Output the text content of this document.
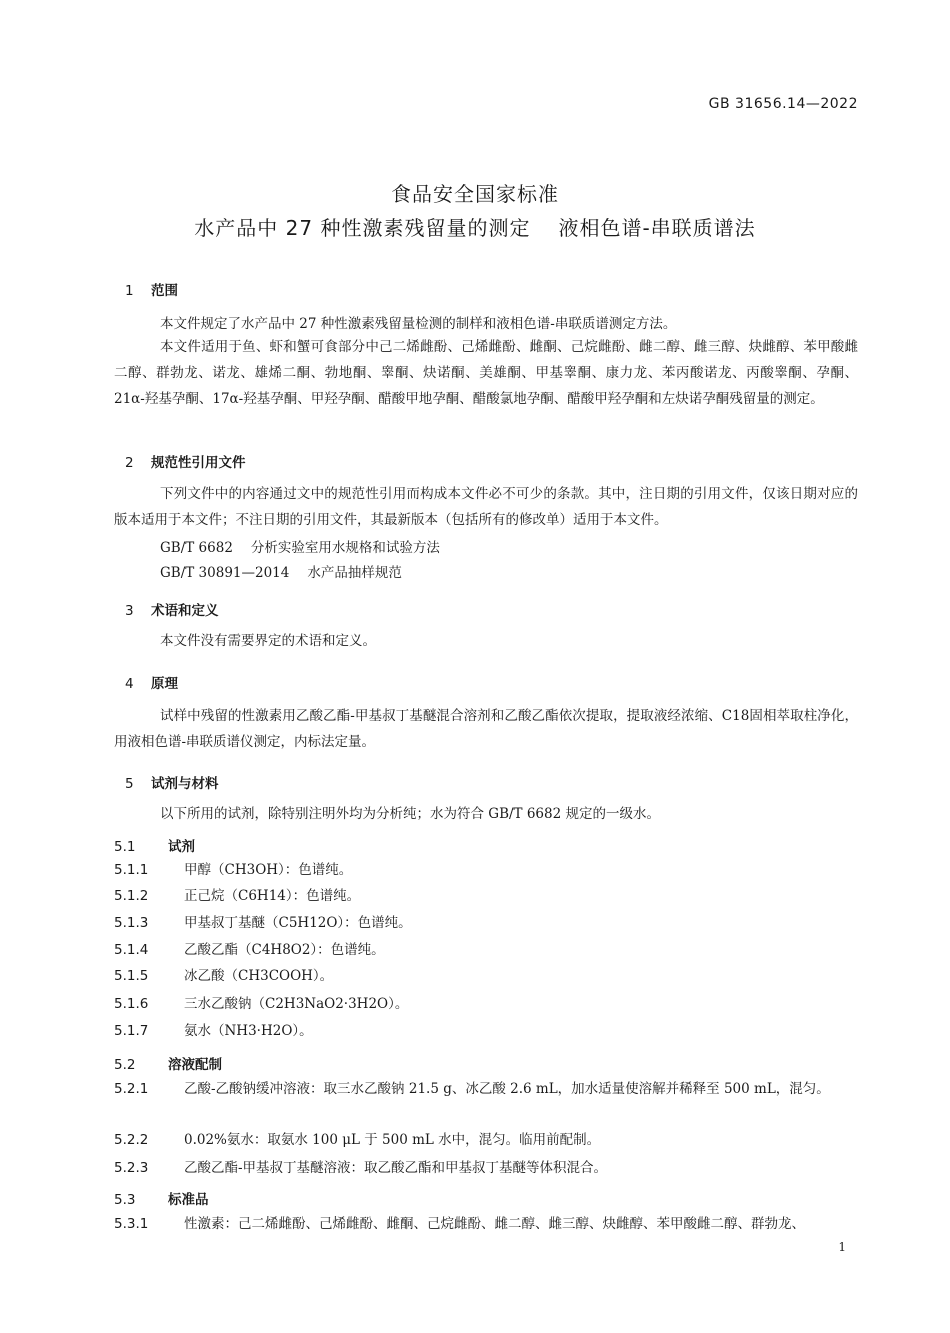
GB 31656.14—2022
食品安全国家标准
水产品中 27 种性激素残留量的测定 液相色谱-串联质谱法
1 范围
本文件规定了水产品中 27 种性激素残留量检测的制样和液相色谱-串联质谱测定方法。
本文件适用于鱼、虾和蟹可食部分中己二烯雌酚、己烯雌酚、雌酮、己烷雌酚、雌二醇、雌三醇、炔雌醇、苯甲酸雌二醇、群勃龙、诺龙、雄烯二酮、勃地酮、睾酮、炔诺酮、美雄酮、甲基睾酮、康力龙、苯丙酸诺龙、丙酸睾酮、孕酮、21α-羟基孕酮、17α-羟基孕酮、甲羟孕酮、醋酸甲地孕酮、醋酸氯地孕酮、醋酸甲羟孕酮和左炔诺孕酮残留量的测定。
2 规范性引用文件
下列文件中的内容通过文中的规范性引用而构成本文件必不可少的条款。其中，注日期的引用文件，仅该日期对应的版本适用于本文件；不注日期的引用文件，其最新版本（包括所有的修改单）适用于本文件。
GB/T 6682 分析实验室用水规格和试验方法
GB/T 30891—2014 水产品抽样规范
3 术语和定义
本文件没有需要界定的术语和定义。
4 原理
试样中残留的性激素用乙酸乙酯-甲基叔丁基醚混合溶剂和乙酸乙酯依次提取，提取液经浓缩、C18固相萃取柱净化，用液相色谱-串联质谱仪测定，内标法定量。
5 试剂与材料
以下所用的试剂，除特别注明外均为分析纯；水为符合 GB/T 6682 规定的一级水。
5.1 试剂
5.1.1	甲醇（CH3OH）：色谱纯。
5.1.2	正己烷（C6H14）：色谱纯。
5.1.3	甲基叔丁基醚（C5H12O）：色谱纯。
5.1.4	乙酸乙酯（C4H8O2）：色谱纯。
5.1.5	冰乙酸（CH3COOH）。
5.1.6	三水乙酸钠（C2H3NaO2·3H2O）。
5.1.7	氨水（NH3·H2O）。
5.2 溶液配制
5.2.1	乙酸-乙酸钠缓冲溶液：取三水乙酸钠 21.5 g、冰乙酸 2.6 mL，加水适量使溶解并稀释至 500 mL，混匀。
5.2.2	0.02%氨水：取氨水 100 μL 于 500 mL 水中，混匀。临用前配制。
5.2.3	乙酸乙酯-甲基叔丁基醚溶液：取乙酸乙酯和甲基叔丁基醚等体积混合。
5.3 标准品
5.3.1	性激素：己二烯雌酚、己烯雌酚、雌酮、己烷雌酚、雌二醇、雌三醇、炔雌醇、苯甲酸雌二醇、群勃龙、
1
